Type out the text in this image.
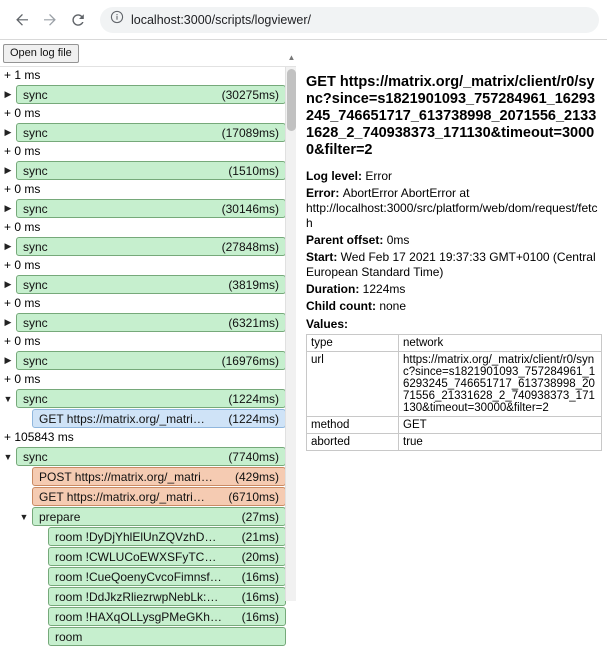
localhost:3000/scripts/logviewer/
Open log file
+ 1 ms
▶ sync	(30275ms)
+ 0 ms
▶ sync	(17089ms)
+ 0 ms
▶ sync	(1510ms)
+ 0 ms
▶ sync	(30146ms)
+ 0 ms
▶ sync	(27848ms)
+ 0 ms
▶ sync	(3819ms)
+ 0 ms
▶ sync	(6321ms)
+ 0 ms
▶ sync	(16976ms)
+ 0 ms
▼ sync	(1224ms)
GET https://matrix.org/_matri…	(1224ms)
+ 105843 ms
▼ sync	(7740ms)
POST https://matrix.org/_matri…	(429ms)
GET https://matrix.org/_matri…	(6710ms)
▼ prepare	(27ms)
room !DyDjYhlElUnZQVzhD…	(21ms)
room !CWLUCoEWXSFyTC…	(20ms)
room !CueQoenyCvcoFimnsf…	(16ms)
room !DdJkzRliezrwpNebLk:…	(16ms)
room !HAXqOLLysgPMeGKh…	(16ms)
room
▲
GET https://matrix.org/_matrix/client/r0/sync?since=s1821901093_757284961_16293245_746651717_613738998_2071556_21331628_2_740938373_171130&timeout=30000&filter=2
Log level: Error
Error: AbortError AbortError at http://localhost:3000/src/platform/web/dom/request/fetch
Parent offset: 0ms
Start: Wed Feb 17 2021 19:37:33 GMT+0100 (Central European Standard Time)
Duration: 1224ms
Child count: none
Values:
type	network
url	https://matrix.org/_matrix/client/r0/sync?since=s1821901093_757284961_16293245_746651717_613738998_2071556_21331628_2_740938373_171130&timeout=30000&filter=2
method	GET
aborted	true
